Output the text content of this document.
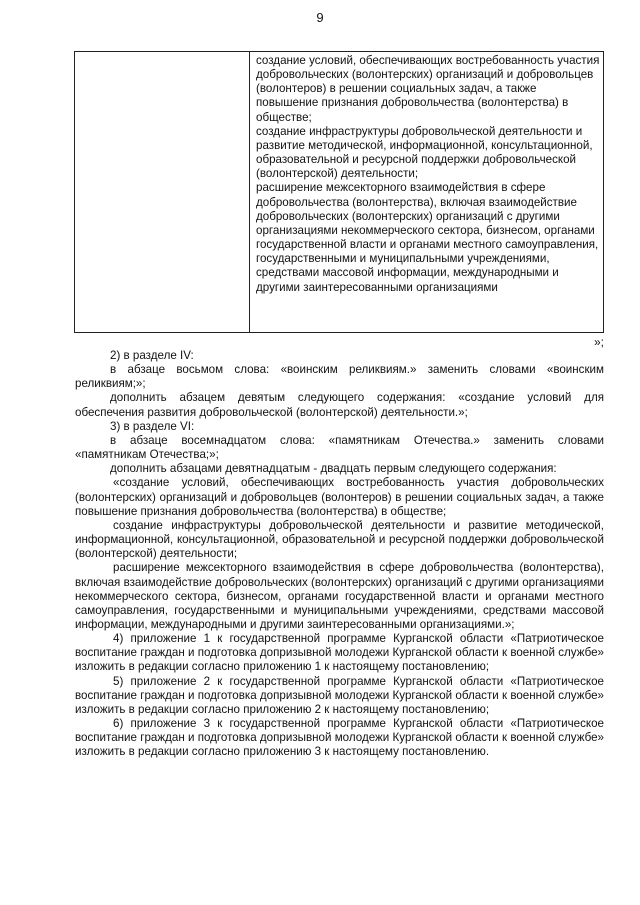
9

создание условий, обеспечивающих востребованность участия добровольческих (волонтерских) организаций и добровольцев (волонтеров) в решении социальных задач, а также повышение признания добровольчества (волонтерства) в обществе;

создание инфраструктуры добровольческой деятельности и развитие методической, информационной, консультационной, образовательной и ресурсной поддержки добровольческой (волонтерской) деятельности;

расширение межсекторного взаимодействия в сфере добровольчества (волонтерства), включая взаимодействие добровольческих (волонтерских) организаций с другими организациями некоммерческого сектора, бизнесом, органами государственной власти и органами местного самоуправления, государственными и муниципальными учреждениями, средствами массовой информации, международными и другими заинтересованными организациями

»;

2) в разделе IV:

в абзаце восьмом слова: «воинским реликвиям.» заменить словами «воинским реликвиям;»;

дополнить абзацем девятым следующего содержания: «создание условий для обеспечения развития добровольческой (волонтерской) деятельности.»;

3) в разделе VI:

в абзаце восемнадцатом слова: «памятникам Отечества.» заменить словами «памятникам Отечества;»;

дополнить абзацами девятнадцатым - двадцать первым следующего содержания:

«создание условий, обеспечивающих востребованность участия добровольческих (волонтерских) организаций и добровольцев (волонтеров) в решении социальных задач, а также повышение признания добровольчества (волонтерства) в обществе;

создание инфраструктуры добровольческой деятельности и развитие методической, информационной, консультационной, образовательной и ресурсной поддержки добровольческой (волонтерской) деятельности;

расширение межсекторного взаимодействия в сфере добровольчества (волонтерства), включая взаимодействие добровольческих (волонтерских) организаций с другими организациями некоммерческого сектора, бизнесом, органами государственной власти и органами местного самоуправления, государственными и муниципальными учреждениями, средствами массовой информации, международными и другими заинтересованными организациями.»;

4) приложение 1 к государственной программе Курганской области «Патриотическое воспитание граждан и подготовка допризывной молодежи Курганской области к военной службе» изложить в редакции согласно приложению 1 к настоящему постановлению;

5) приложение 2 к государственной программе Курганской области «Патриотическое воспитание граждан и подготовка допризывной молодежи Курганской области к военной службе» изложить в редакции согласно приложению 2 к настоящему постановлению;

6) приложение 3 к государственной программе Курганской области «Патриотическое воспитание граждан и подготовка допризывной молодежи Курганской области к военной службе» изложить в редакции согласно приложению 3 к настоящему постановлению.
